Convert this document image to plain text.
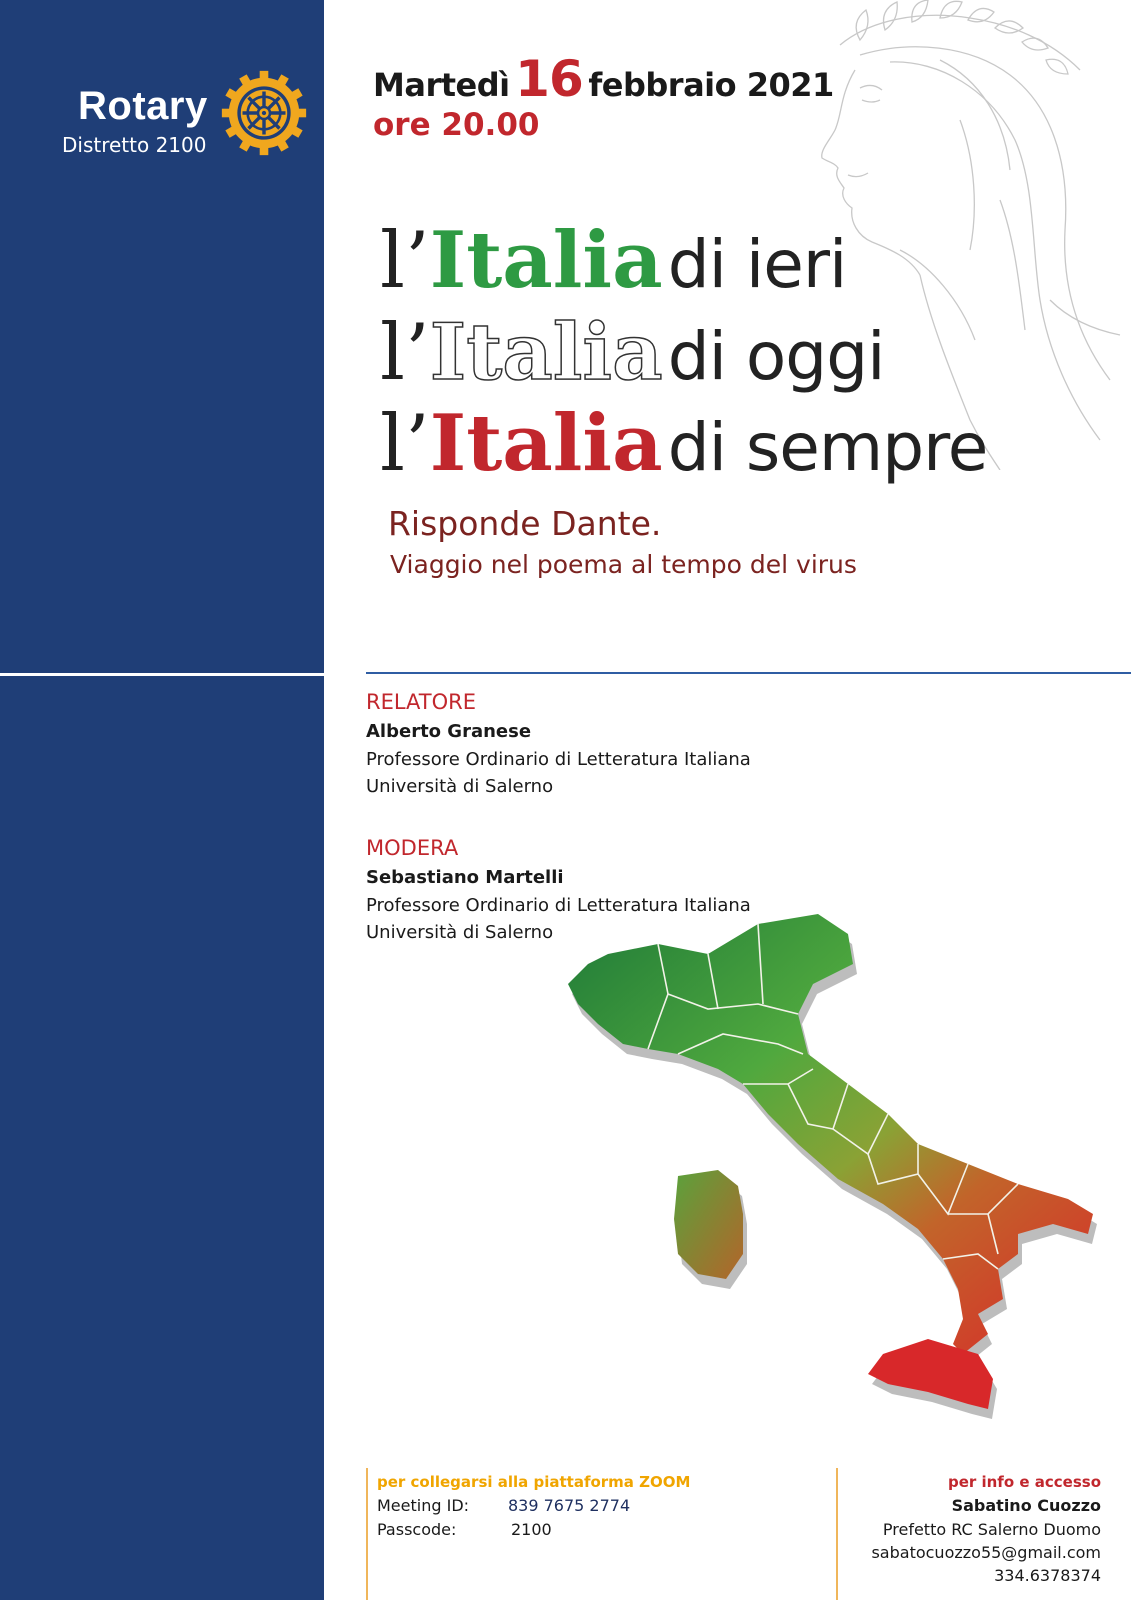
Rotary
Distretto 2100
Martedì 16 febbraio 2021
ore 20.00
l’Italia di ieri
l’Italia di oggi
l’Italia di sempre
Risponde Dante.
Viaggio nel poema al tempo del virus
RELATORE
Alberto Granese
Professore Ordinario di Letteratura Italiana
Università di Salerno
MODERA
Sebastiano Martelli
Professore Ordinario di Letteratura Italiana
Università di Salerno
per collegarsi alla piattaforma ZOOM
Meeting ID: 839 7675 2774
Passcode:	2100
per info e accesso
Sabatino Cuozzo
Prefetto RC Salerno Duomo
sabatocuozzo55@gmail.com
334.6378374
